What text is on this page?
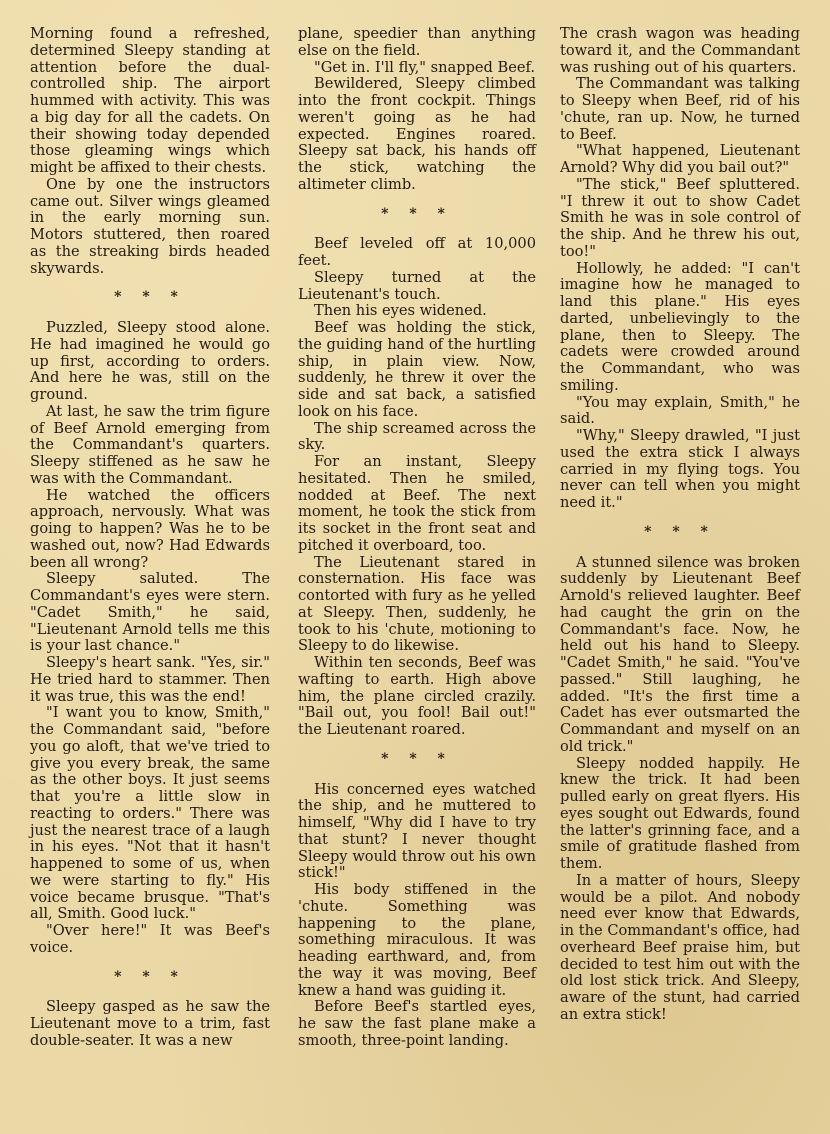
Morning found a refreshed, determined Sleepy standing at attention before the dual-controlled ship. The airport hummed with activity. This was a big day for all the cadets. On their showing today depended those gleaming wings which might be affixed to their chests.

One by one the instructors came out. Silver wings gleamed in the early morning sun. Motors stuttered, then roared as the streaking birds headed skywards.

* * *

Puzzled, Sleepy stood alone. He had imagined he would go up first, according to orders. And here he was, still on the ground.

At last, he saw the trim figure of Beef Arnold emerging from the Commandant's quarters. Sleepy stiffened as he saw he was with the Commandant.

He watched the officers approach, nervously. What was going to happen? Was he to be washed out, now? Had Edwards been all wrong?

Sleepy saluted. The Commandant's eyes were stern. "Cadet Smith," he said, "Lieutenant Arnold tells me this is your last chance."

Sleepy's heart sank. "Yes, sir." He tried hard to stammer. Then it was true, this was the end!

"I want you to know, Smith," the Commandant said, "before you go aloft, that we've tried to give you every break, the same as the other boys. It just seems that you're a little slow in reacting to orders." There was just the nearest trace of a laugh in his eyes. "Not that it hasn't happened to some of us, when we were starting to fly." His voice became brusque. "That's all, Smith. Good luck."

"Over here!" It was Beef's voice.

* * *

Sleepy gasped as he saw the Lieutenant move to a trim, fast double-seater. It was a new

plane, speedier than anything else on the field.

"Get in. I'll fly," snapped Beef.

Bewildered, Sleepy climbed into the front cockpit. Things weren't going as he had expected. Engines roared. Sleepy sat back, his hands off the stick, watching the altimeter climb.

* * *

Beef leveled off at 10,000 feet.

Sleepy turned at the Lieutenant's touch.

Then his eyes widened.

Beef was holding the stick, the guiding hand of the hurtling ship, in plain view. Now, suddenly, he threw it over the side and sat back, a satisfied look on his face.

The ship screamed across the sky.

For an instant, Sleepy hesitated. Then he smiled, nodded at Beef. The next moment, he took the stick from its socket in the front seat and pitched it overboard, too.

The Lieutenant stared in consternation. His face was contorted with fury as he yelled at Sleepy. Then, suddenly, he took to his 'chute, motioning to Sleepy to do likewise.

Within ten seconds, Beef was wafting to earth. High above him, the plane circled crazily. "Bail out, you fool! Bail out!" the Lieutenant roared.

* * *

His concerned eyes watched the ship, and he muttered to himself, "Why did I have to try that stunt? I never thought Sleepy would throw out his own stick!"

His body stiffened in the 'chute. Something was happening to the plane, something miraculous. It was heading earthward, and, from the way it was moving, Beef knew a hand was guiding it.

Before Beef's startled eyes, he saw the fast plane make a smooth, three-point landing.

The crash wagon was heading toward it, and the Commandant was rushing out of his quarters.

The Commandant was talking to Sleepy when Beef, rid of his 'chute, ran up. Now, he turned to Beef.

"What happened, Lieutenant Arnold? Why did you bail out?"

"The stick," Beef spluttered. "I threw it out to show Cadet Smith he was in sole control of the ship. And he threw his out, too!"

Hollowly, he added: "I can't imagine how he managed to land this plane." His eyes darted, unbelievingly to the plane, then to Sleepy. The cadets were crowded around the Commandant, who was smiling.

"You may explain, Smith," he said.

"Why," Sleepy drawled, "I just used the extra stick I always carried in my flying togs. You never can tell when you might need it."

* * *

A stunned silence was broken suddenly by Lieutenant Beef Arnold's relieved laughter. Beef had caught the grin on the Commandant's face. Now, he held out his hand to Sleepy. "Cadet Smith," he said. "You've passed." Still laughing, he added. "It's the first time a Cadet has ever outsmarted the Commandant and myself on an old trick."

Sleepy nodded happily. He knew the trick. It had been pulled early on great flyers. His eyes sought out Edwards, found the latter's grinning face, and a smile of gratitude flashed from them.

In a matter of hours, Sleepy would be a pilot. And nobody need ever know that Edwards, in the Commandant's office, had overheard Beef praise him, but decided to test him out with the old lost stick trick. And Sleepy, aware of the stunt, had carried an extra stick!
